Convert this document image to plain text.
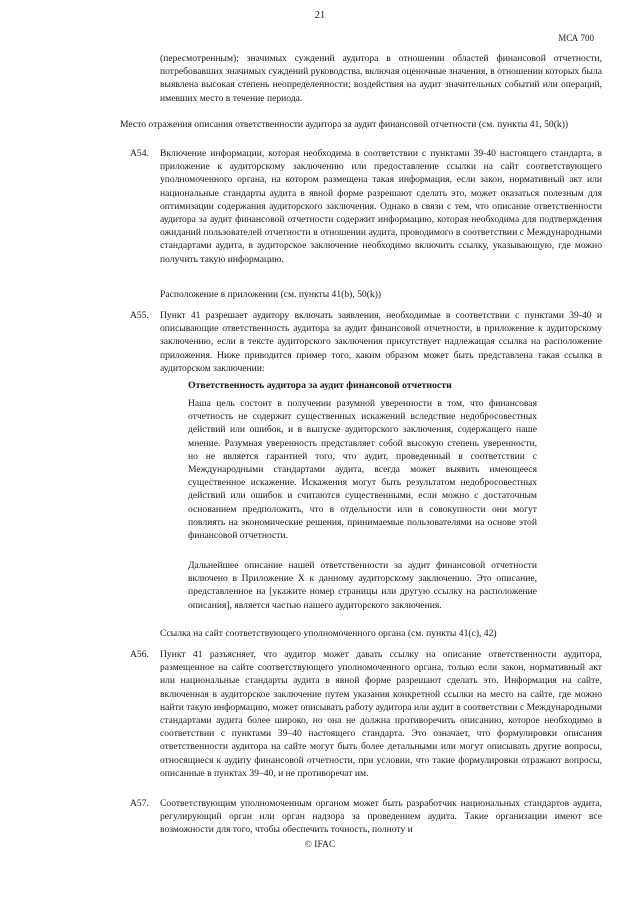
21
МСА 700

(пересмотренным); значимых суждений аудитора в отношении областей финансовой отчетности, потребовавших значимых суждений руководства, включая оценочные значения, в отношении которых была выявлена высокая степень неопределенности; воздействия на аудит значительных событий или операций, имевших место в течение периода.

Место отражения описания ответственности аудитора за аудит финансовой отчетности (см. пункты 41, 50(k))

A54. Включение информации, которая необходима в соответствии с пунктами 39-40 настоящего стандарта, в приложение к аудиторскому заключению или предоставление ссылки на сайт соответствующего уполномоченного органа, на котором размещена такая информация, если закон, нормативный акт или национальные стандарты аудита в явной форме разрешают сделать это, может оказаться полезным для оптимизации содержания аудиторского заключения. Однако в связи с тем, что описание ответственности аудитора за аудит финансовой отчетности содержит информацию, которая необходима для подтверждения ожиданий пользователей отчетности в отношении аудита, проводимого в соответствии с Международными стандартами аудита, в аудиторское заключение необходимо включить ссылку, указывающую, где можно получить такую информацию.

Расположение в приложении (см. пункты 41(b), 50(k))

A55. Пункт 41 разрешает аудитору включать заявления, необходимые в соответствии с пунктами 39-40 и описывающие ответственность аудитора за аудит финансовой отчетности, в приложение к аудиторскому заключению, если в тексте аудиторского заключения присутствует надлежащая ссылка на расположение приложения. Ниже приводится пример того, каким образом может быть представлена такая ссылка в аудиторском заключении:

Ответственность аудитора за аудит финансовой отчетности

Наша цель состоит в получении разумной уверенности в том, что финансовая отчетность не содержит существенных искажений вследствие недобросовестных действий или ошибок, и в выпуске аудиторского заключения, содержащего наше мнение. Разумная уверенность представляет собой высокую степень уверенности, но не является гарантией того, что аудит, проведенный в соответствии с Международными стандартами аудита, всегда может выявить имеющееся существенное искажение. Искажения могут быть результатом недобросовестных действий или ошибок и считаются существенными, если можно с достаточным основанием предположить, что в отдельности или в совокупности они могут повлиять на экономические решения, принимаемые пользователями на основе этой финансовой отчетности.

Дальнейшее описание нашей ответственности за аудит финансовой отчетности включено в Приложение X к данному аудиторскому заключению. Это описание, представленное на [укажите номер страницы или другую ссылку на расположение описания], является частью нашего аудиторского заключения.

Ссылка на сайт соответствующего уполномоченного органа (см. пункты 41(c), 42)

A56. Пункт 41 разъясняет, что аудитор может давать ссылку на описание ответственности аудитора, размещенное на сайте соответствующего уполномоченного органа, только если закон, нормативный акт или национальные стандарты аудита в явной форме разрешают сделать это. Информация на сайте, включенная в аудиторское заключение путем указания конкретной ссылки на место на сайте, где можно найти такую информацию, может описывать работу аудитора или аудит в соответствии с Международными стандартами аудита более широко, но она не должна противоречить описанию, которое необходимо в соответствии с пунктами 39–40 настоящего стандарта. Это означает, что формулировки описания ответственности аудитора на сайте могут быть более детальными или могут описывать другие вопросы, относящиеся к аудиту финансовой отчетности, при условии, что такие формулировки отражают вопросы, описанные в пунктах 39–40, и не противоречат им.

A57. Соответствующим уполномоченным органом может быть разработчик национальных стандартов аудита, регулирующий орган или орган надзора за проведением аудита. Такие организации имеют все возможности для того, чтобы обеспечить точность, полноту и

© IFAC
